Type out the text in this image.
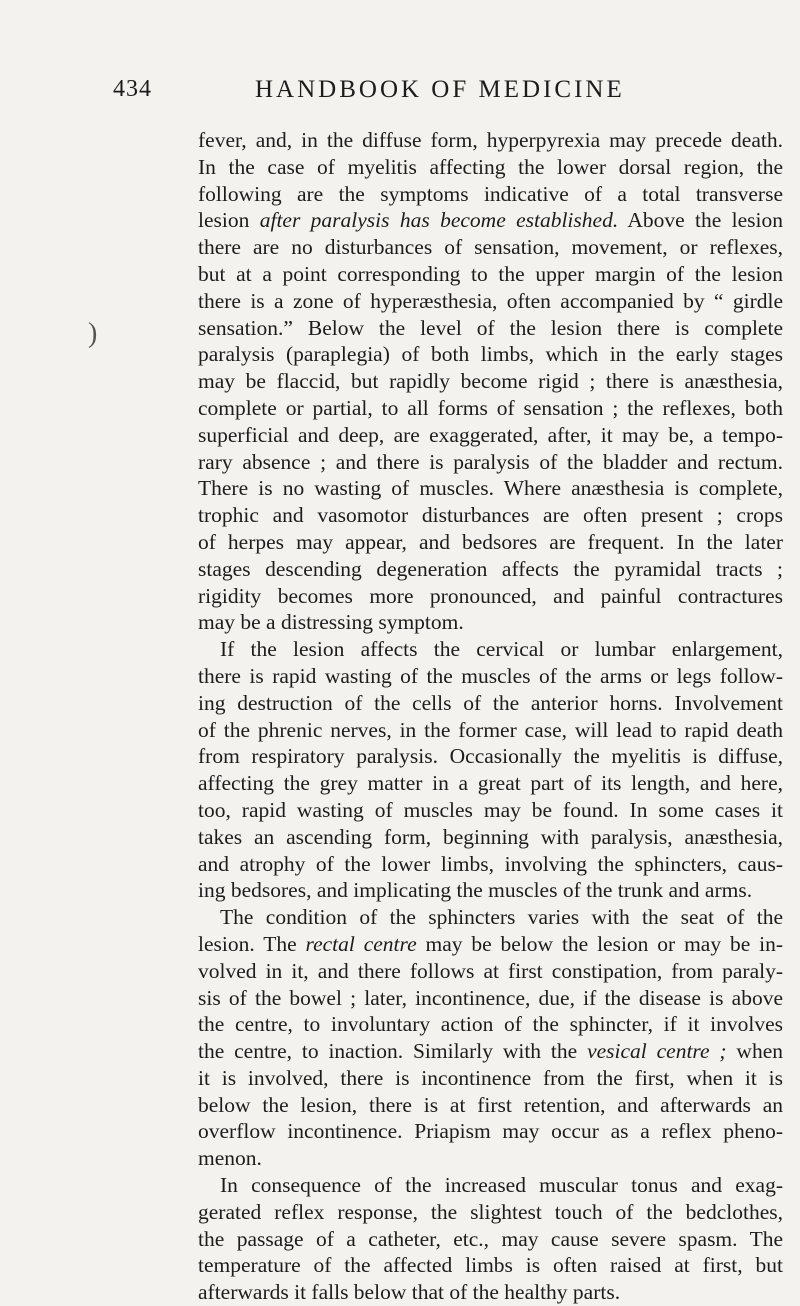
434	HANDBOOK OF MEDICINE
)
fever, and, in the diffuse form, hyperpyrexia may precede death.
In the case of myelitis affecting the lower dorsal region, the
following are the symptoms indicative of a total transverse
lesion after paralysis has become established. Above the lesion
there are no disturbances of sensation, movement, or reflexes,
but at a point corresponding to the upper margin of the lesion
there is a zone of hyperæsthesia, often accompanied by “ girdle
sensation.” Below the level of the lesion there is complete
paralysis (paraplegia) of both limbs, which in the early stages
may be flaccid, but rapidly become rigid ; there is anæsthesia,
complete or partial, to all forms of sensation ; the reflexes, both
superficial and deep, are exaggerated, after, it may be, a tempo-
rary absence ; and there is paralysis of the bladder and rectum.
There is no wasting of muscles. Where anæsthesia is complete,
trophic and vasomotor disturbances are often present ; crops
of herpes may appear, and bedsores are frequent. In the later
stages descending degeneration affects the pyramidal tracts ;
rigidity becomes more pronounced, and painful contractures
may be a distressing symptom.
If the lesion affects the cervical or lumbar enlargement,
there is rapid wasting of the muscles of the arms or legs follow-
ing destruction of the cells of the anterior horns. Involvement
of the phrenic nerves, in the former case, will lead to rapid death
from respiratory paralysis. Occasionally the myelitis is diffuse,
affecting the grey matter in a great part of its length, and here,
too, rapid wasting of muscles may be found. In some cases it
takes an ascending form, beginning with paralysis, anæsthesia,
and atrophy of the lower limbs, involving the sphincters, caus-
ing bedsores, and implicating the muscles of the trunk and arms.
The condition of the sphincters varies with the seat of the
lesion. The rectal centre may be below the lesion or may be in-
volved in it, and there follows at first constipation, from paraly-
sis of the bowel ; later, incontinence, due, if the disease is above
the centre, to involuntary action of the sphincter, if it involves
the centre, to inaction. Similarly with the vesical centre ; when
it is involved, there is incontinence from the first, when it is
below the lesion, there is at first retention, and afterwards an
overflow incontinence. Priapism may occur as a reflex pheno-
menon.
In consequence of the increased muscular tonus and exag-
gerated reflex response, the slightest touch of the bedclothes,
the passage of a catheter, etc., may cause severe spasm. The
temperature of the affected limbs is often raised at first, but
afterwards it falls below that of the healthy parts.
